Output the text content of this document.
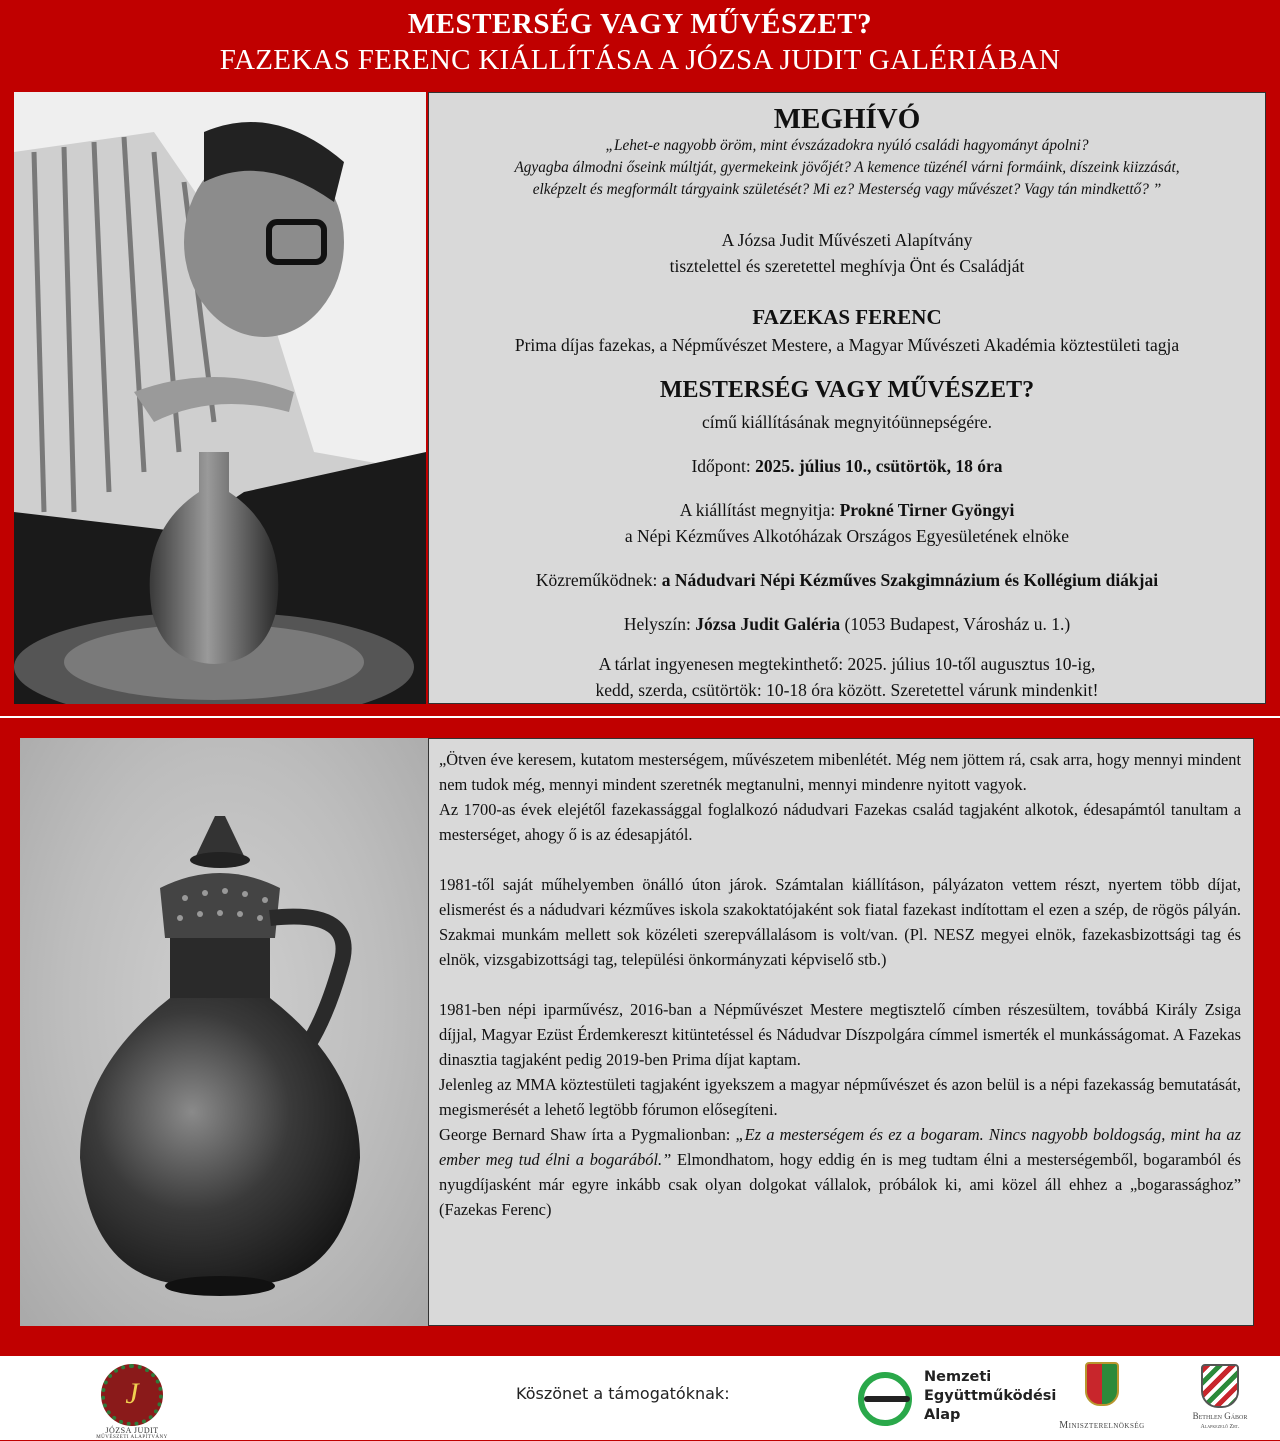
MESTERSÉG VAGY MŰVÉSZET?
FAZEKAS FERENC KIÁLLÍTÁSA A JÓZSA JUDIT GALÉRIÁBAN
MEGHÍVÓ
„Lehet-e nagyobb öröm, mint évszázadokra nyúló családi hagyományt ápolni?
Agyagba álmodni őseink múltját, gyermekeink jövőjét? A kemence tüzénél várni formáink, díszeink kiizzását,
elképzelt és megformált tárgyaink születését? Mi ez? Mesterség vagy művészet? Vagy tán mindkettő? ”
A Józsa Judit Művészeti Alapítvány
tisztelettel és szeretettel meghívja Önt és Családját
FAZEKAS FERENC
Prima díjas fazekas, a Népművészet Mestere, a Magyar Művészeti Akadémia köztestületi tagja
MESTERSÉG VAGY MŰVÉSZET?
című kiállításának megnyitóünnepségére.
Időpont: 2025. július 10., csütörtök, 18 óra
A kiállítást megnyitja: Prokné Tirner Gyöngyi
a Népi Kézműves Alkotóházak Országos Egyesületének elnöke
Közreműködnek: a Nádudvari Népi Kézműves Szakgimnázium és Kollégium diákjai
Helyszín: Józsa Judit Galéria (1053 Budapest, Városház u. 1.)
A tárlat ingyenesen megtekinthető: 2025. július 10-től augusztus 10-ig,
kedd, szerda, csütörtök: 10-18 óra között. Szeretettel várunk mindenkit!

„Ötven éve keresem, kutatom mesterségem, művészetem mibenlétét. Még nem jöttem rá, csak arra, hogy mennyi mindent nem tudok még, mennyi mindent szeretnék megtanulni, mennyi mindenre nyitott vagyok.

Az 1700-as évek elejétől fazekassággal foglalkozó nádudvari Fazekas család tagjaként alkotok, édesapámtól tanultam a mesterséget, ahogy ő is az édesapjától.

1981-től saját műhelyemben önálló úton járok. Számtalan kiállításon, pályázaton vettem részt, nyertem több díjat, elismerést és a nádudvari kézműves iskola szakoktatójaként sok fiatal fazekast indítottam el ezen a szép, de rögös pályán. Szakmai munkám mellett sok közéleti szerepvállalásom is volt/van. (Pl. NESZ megyei elnök, fazekasbizottsági tag és elnök, vizsgabizottsági tag, települési önkormányzati képviselő stb.)

1981-ben népi iparművész, 2016-ban a Népművészet Mestere megtisztelő címben részesültem, továbbá Király Zsiga díjjal, Magyar Ezüst Érdemkereszt kitüntetéssel és Nádudvar Díszpolgára címmel ismerték el munkásságomat. A Fazekas dinasztia tagjaként pedig 2019-ben Prima díjat kaptam.

Jelenleg az MMA köztestületi tagjaként igyekszem a magyar népművészet és azon belül is a népi fazekasság bemutatását, megismerését a lehető legtöbb fórumon elősegíteni.

George Bernard Shaw írta a Pygmalionban: „Ez a mesterségem és ez a bogaram. Nincs nagyobb boldogság, mint ha az ember meg tud élni a bogarából.” Elmondhatom, hogy eddig én is meg tudtam élni a mesterségemből, bogaramból és nyugdíjasként már egyre inkább csak olyan dolgokat vállalok, próbálok ki, ami közel áll ehhez a „bogarassághoz” (Fazekas Ferenc)

J
JÓZSA JUDIT
MŰVÉSZETI ALAPÍTVÁNY
Köszönet a támogatóknak:
Nemzeti
Együttműködési
Alap
Miniszterelnökség
Bethlen Gábor
Alapkezelő Zrt.
